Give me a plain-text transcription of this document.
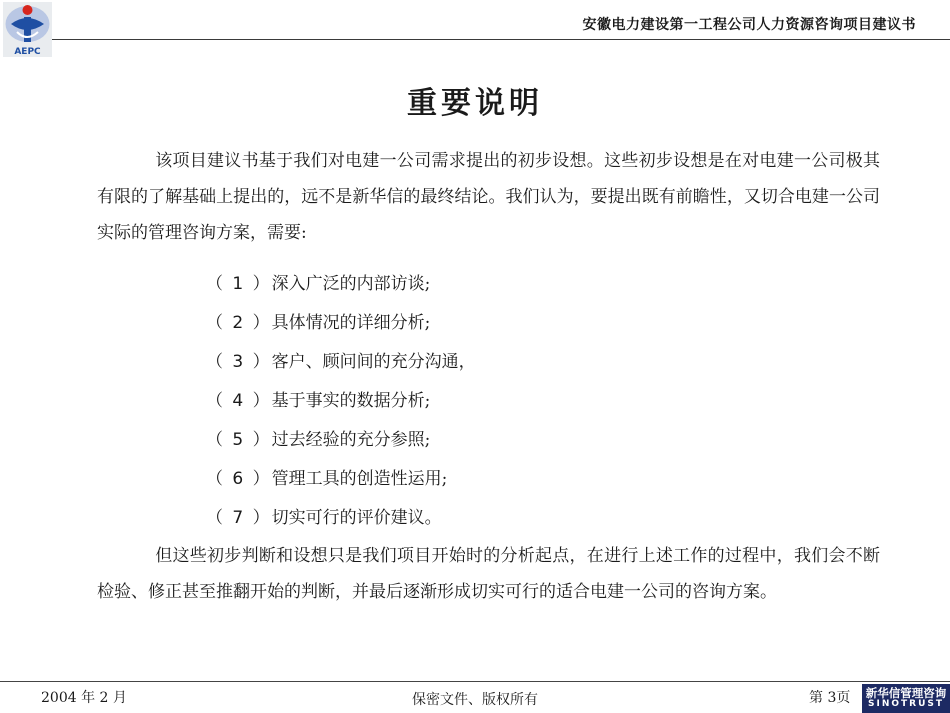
AEPC
安徽电力建设第一工程公司人力资源咨询项目建议书
重要说明
该项目建议书基于我们对电建一公司需求提出的初步设想。这些初步设想是在对电建一公司极其有限的了解基础上提出的，远不是新华信的最终结论。我们认为，要提出既有前瞻性，又切合电建一公司实际的管理咨询方案，需要:
（ 1 ）深入广泛的内部访谈;
（ 2 ）具体情况的详细分析;
（ 3 ）客户、顾问间的充分沟通，
（ 4 ）基于事实的数据分析;
（ 5 ）过去经验的充分参照;
（ 6 ）管理工具的创造性运用;
（ 7 ）切实可行的评价建议。
但这些初步判断和设想只是我们项目开始时的分析起点，在进行上述工作的过程中，我们会不断检验、修正甚至推翻开始的判断，并最后逐渐形成切实可行的适合电建一公司的咨询方案。
2004 年 2 月	保密文件、版权所有	第 3页	新华信管理咨询
SINOTRUST
